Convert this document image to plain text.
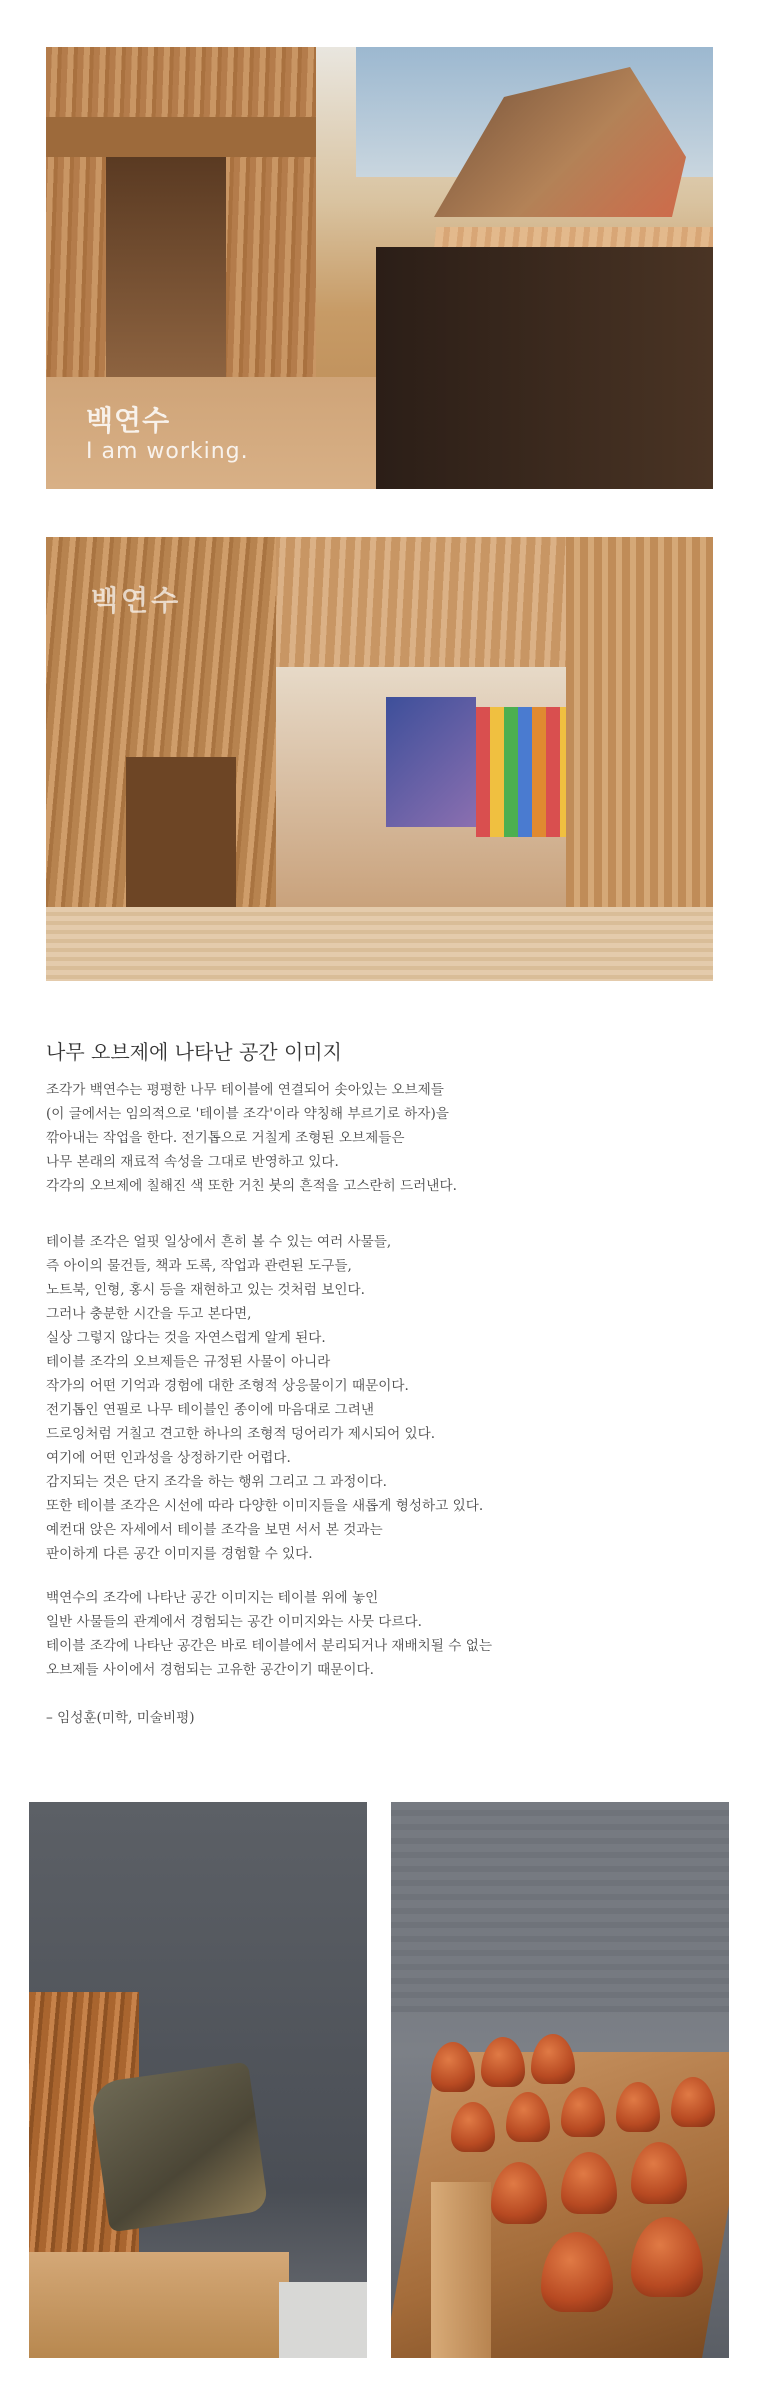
백연수
I am working.
백연수
나무 오브제에 나타난 공간 이미지

조각가 백연수는 평평한 나무 테이블에 연결되어 솟아있는 오브제들
(이 글에서는 임의적으로 '테이블 조각'이라 약칭해 부르기로 하자)을
깎아내는 작업을 한다. 전기톱으로 거칠게 조형된 오브제들은
나무 본래의 재료적 속성을 그대로 반영하고 있다.
각각의 오브제에 칠해진 색 또한 거친 붓의 흔적을 고스란히 드러낸다.

테이블 조각은 얼핏 일상에서 흔히 볼 수 있는 여러 사물들,
즉 아이의 물건들, 책과 도록, 작업과 관련된 도구들,
노트북, 인형, 홍시 등을 재현하고 있는 것처럼 보인다.
그러나 충분한 시간을 두고 본다면,
실상 그렇지 않다는 것을 자연스럽게 알게 된다.
테이블 조각의 오브제들은 규정된 사물이 아니라
작가의 어떤 기억과 경험에 대한 조형적 상응물이기 때문이다.
전기톱인 연필로 나무 테이블인 종이에 마음대로 그려낸
드로잉처럼 거칠고 견고한 하나의 조형적 덩어리가 제시되어 있다.
여기에 어떤 인과성을 상정하기란 어렵다.
감지되는 것은 단지 조각을 하는 행위 그리고 그 과정이다.
또한 테이블 조각은 시선에 따라 다양한 이미지들을 새롭게 형성하고 있다.
예컨대 앉은 자세에서 테이블 조각을 보면 서서 본 것과는
판이하게 다른 공간 이미지를 경험할 수 있다.

백연수의 조각에 나타난 공간 이미지는 테이블 위에 놓인
일반 사물들의 관계에서 경험되는 공간 이미지와는 사뭇 다르다.
테이블 조각에 나타난 공간은 바로 테이블에서 분리되거나 재배치될 수 없는
오브제들 사이에서 경험되는 고유한 공간이기 때문이다.

– 임성훈(미학, 미술비평)
